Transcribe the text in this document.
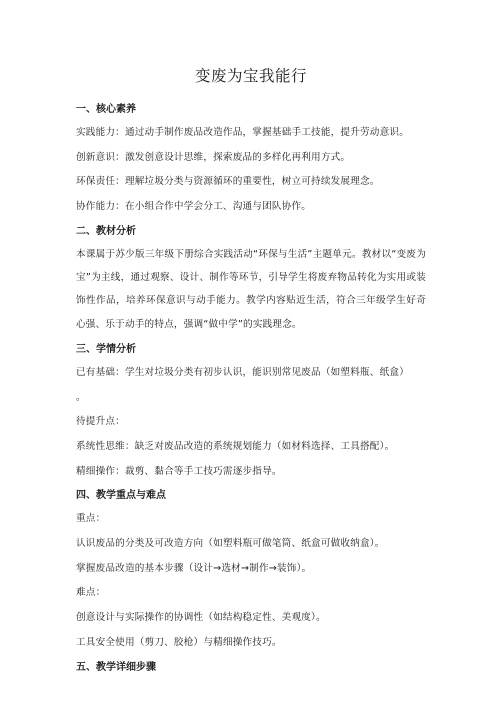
变废为宝我能行
一、核心素养
实践能力：通过动手制作废品改造作品，掌握基础手工技能，提升劳动意识。
创新意识：激发创意设计思维，探索废品的多样化再利用方式。
环保责任：理解垃圾分类与资源循环的重要性，树立可持续发展理念。
协作能力：在小组合作中学会分工、沟通与团队协作。
二、教材分析
本课属于苏少版三年级下册综合实践活动“环保与生活”主题单元。教材以“变废为宝”为主线，通过观察、设计、制作等环节，引导学生将废弃物品转化为实用或装饰性作品，培养环保意识与动手能力。教学内容贴近生活，符合三年级学生好奇心强、乐于动手的特点，强调“做中学”的实践理念。
三、学情分析
已有基础：学生对垃圾分类有初步认识，能识别常见废品（如塑料瓶、纸盒）
。
待提升点：
系统性思维：缺乏对废品改造的系统规划能力（如材料选择、工具搭配）。
精细操作：裁剪、黏合等手工技巧需逐步指导。
四、教学重点与难点
重点：
认识废品的分类及可改造方向（如塑料瓶可做笔筒、纸盒可做收纳盒）。
掌握废品改造的基本步骤（设计→选材→制作→装饰）。
难点：
创意设计与实际操作的协调性（如结构稳定性、美观度）。
工具安全使用（剪刀、胶枪）与精细操作技巧。
五、教学详细步骤
